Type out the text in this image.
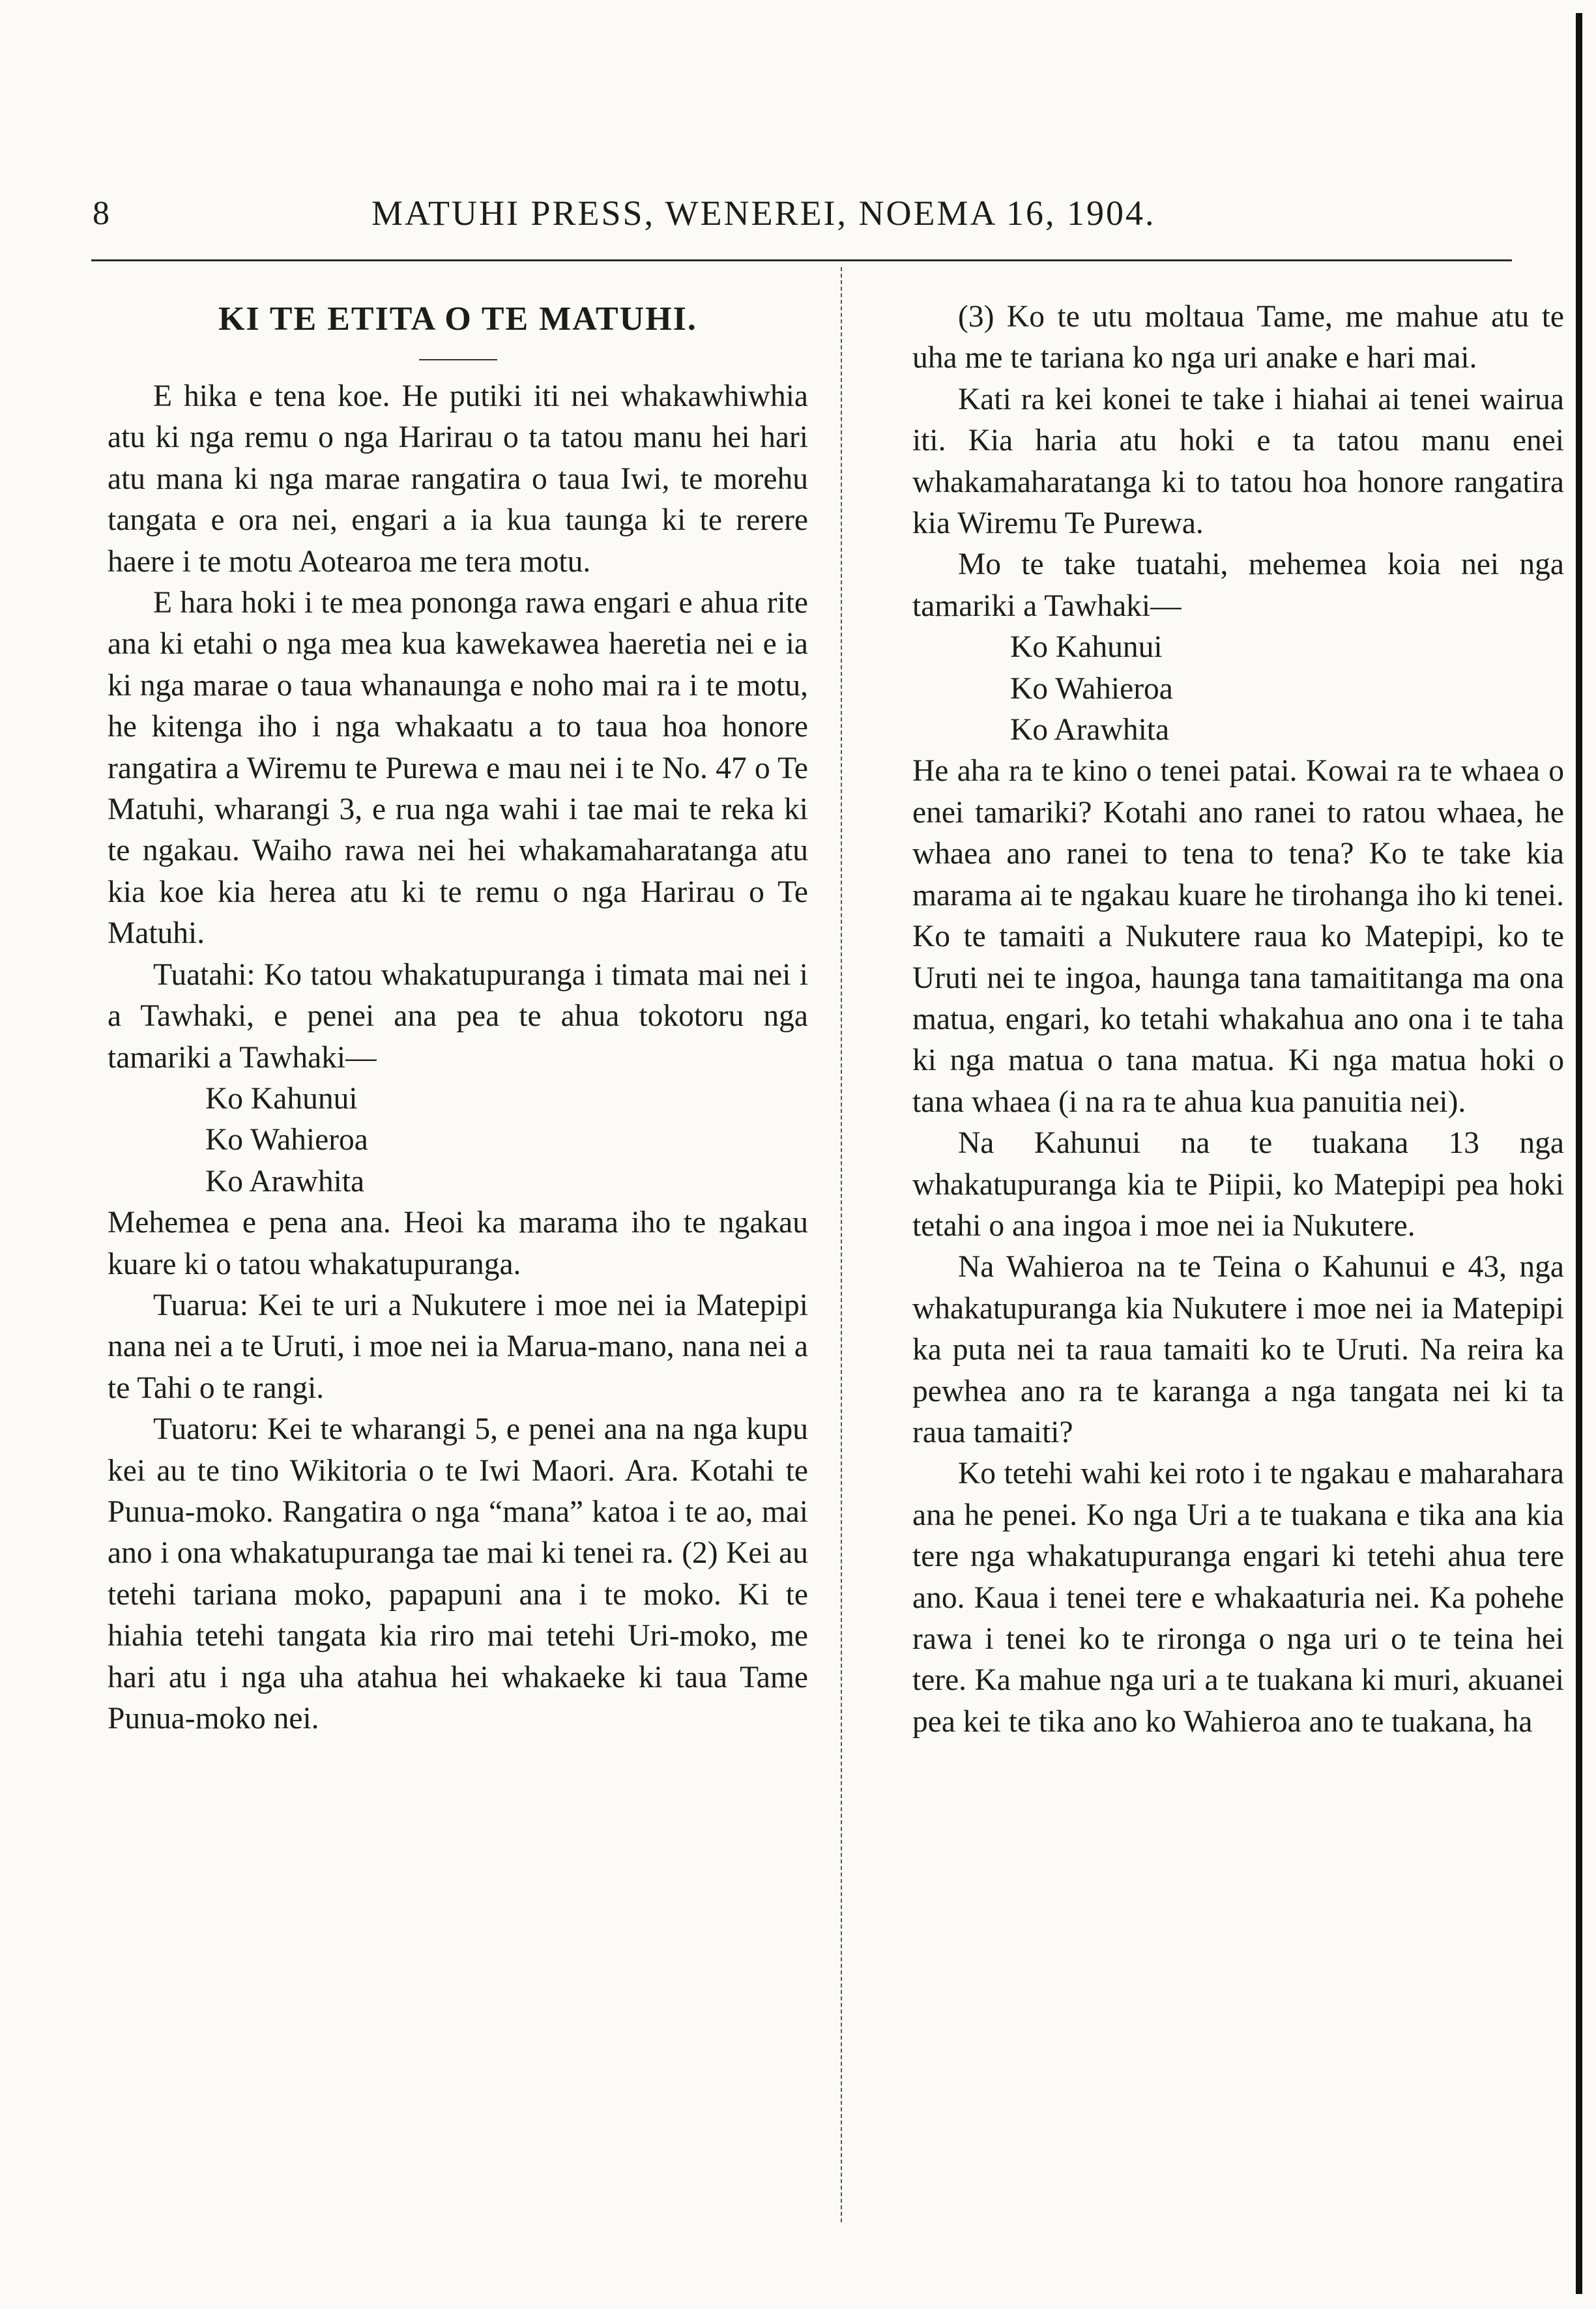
8	MATUHI PRESS, WENEREI, NOEMA 16, 1904.
KI TE ETITA O TE MATUHI.

E hika e tena koe. He putiki iti nei whakawhiwhia atu ki nga remu o nga Harirau o ta tatou manu hei hari atu mana ki nga marae rangatira o taua Iwi, te morehu tangata e ora nei, engari a ia kua taunga ki te rerere haere i te motu Aotearoa me tera motu.

E hara hoki i te mea pononga rawa engari e ahua rite ana ki etahi o nga mea kua kawekawea haeretia nei e ia ki nga marae o taua whanaunga e noho mai ra i te motu, he kitenga iho i nga whakaatu a to taua hoa honore rangatira a Wiremu te Purewa e mau nei i te No. 47 o Te Matuhi, wharangi 3, e rua nga wahi i tae mai te reka ki te ngakau. Waiho rawa nei hei whakamaharatanga atu kia koe kia herea atu ki te remu o nga Harirau o Te Matuhi.

Tuatahi: Ko tatou whakatupuranga i timata mai nei i a Tawhaki, e penei ana pea te ahua tokotoru nga tamariki a Tawhaki—

Ko Kahunui

Ko Wahieroa

Ko Arawhita

Mehemea e pena ana. Heoi ka marama iho te ngakau kuare ki o tatou whakatupuranga.

Tuarua: Kei te uri a Nukutere i moe nei ia Matepipi nana nei a te Uruti, i moe nei ia Marua-mano, nana nei a te Tahi o te rangi.

Tuatoru: Kei te wharangi 5, e penei ana na nga kupu kei au te tino Wikitoria o te Iwi Maori. Ara. Kotahi te Punua-moko. Rangatira o nga “mana” katoa i te ao, mai ano i ona whakatupuranga tae mai ki tenei ra. (2) Kei au tetehi tariana moko, papapuni ana i te moko. Ki te hiahia tetehi tangata kia riro mai tetehi Uri-moko, me hari atu i nga uha atahua hei whakaeke ki taua Tame Punua-moko nei.

(3) Ko te utu moltaua Tame, me mahue atu te uha me te tariana ko nga uri anake e hari mai.

Kati ra kei konei te take i hiahai ai tenei wairua iti. Kia haria atu hoki e ta tatou manu enei whakamaharatanga ki to tatou hoa honore rangatira kia Wiremu Te Purewa.

Mo te take tuatahi, mehemea koia nei nga tamariki a Tawhaki—

Ko Kahunui

Ko Wahieroa

Ko Arawhita

He aha ra te kino o tenei patai. Kowai ra te whaea o enei tamariki? Kotahi ano ranei to ratou whaea, he whaea ano ranei to tena to tena? Ko te take kia marama ai te ngakau kuare he tirohanga iho ki tenei. Ko te tamaiti a Nukutere raua ko Matepipi, ko te Uruti nei te ingoa, haunga tana tamaititanga ma ona matua, engari, ko tetahi whakahua ano ona i te taha ki nga matua o tana matua. Ki nga matua hoki o tana whaea (i na ra te ahua kua panuitia nei).

Na Kahunui na te tuakana 13 nga whakatupuranga kia te Piipii, ko Matepipi pea hoki tetahi o ana ingoa i moe nei ia Nukutere.

Na Wahieroa na te Teina o Kahunui e 43, nga whakatupuranga kia Nukutere i moe nei ia Matepipi ka puta nei ta raua tamaiti ko te Uruti. Na reira ka pewhea ano ra te karanga a nga tangata nei ki ta raua tamaiti?

Ko tetehi wahi kei roto i te ngakau e maharahara ana he penei. Ko nga Uri a te tuakana e tika ana kia tere nga whakatupuranga engari ki tetehi ahua tere ano. Kaua i tenei tere e whakaaturia nei. Ka pohehe rawa i tenei ko te rironga o nga uri o te teina hei tere. Ka mahue nga uri a te tuakana ki muri, akuanei pea kei te tika ano ko Wahieroa ano te tuakana, ha
